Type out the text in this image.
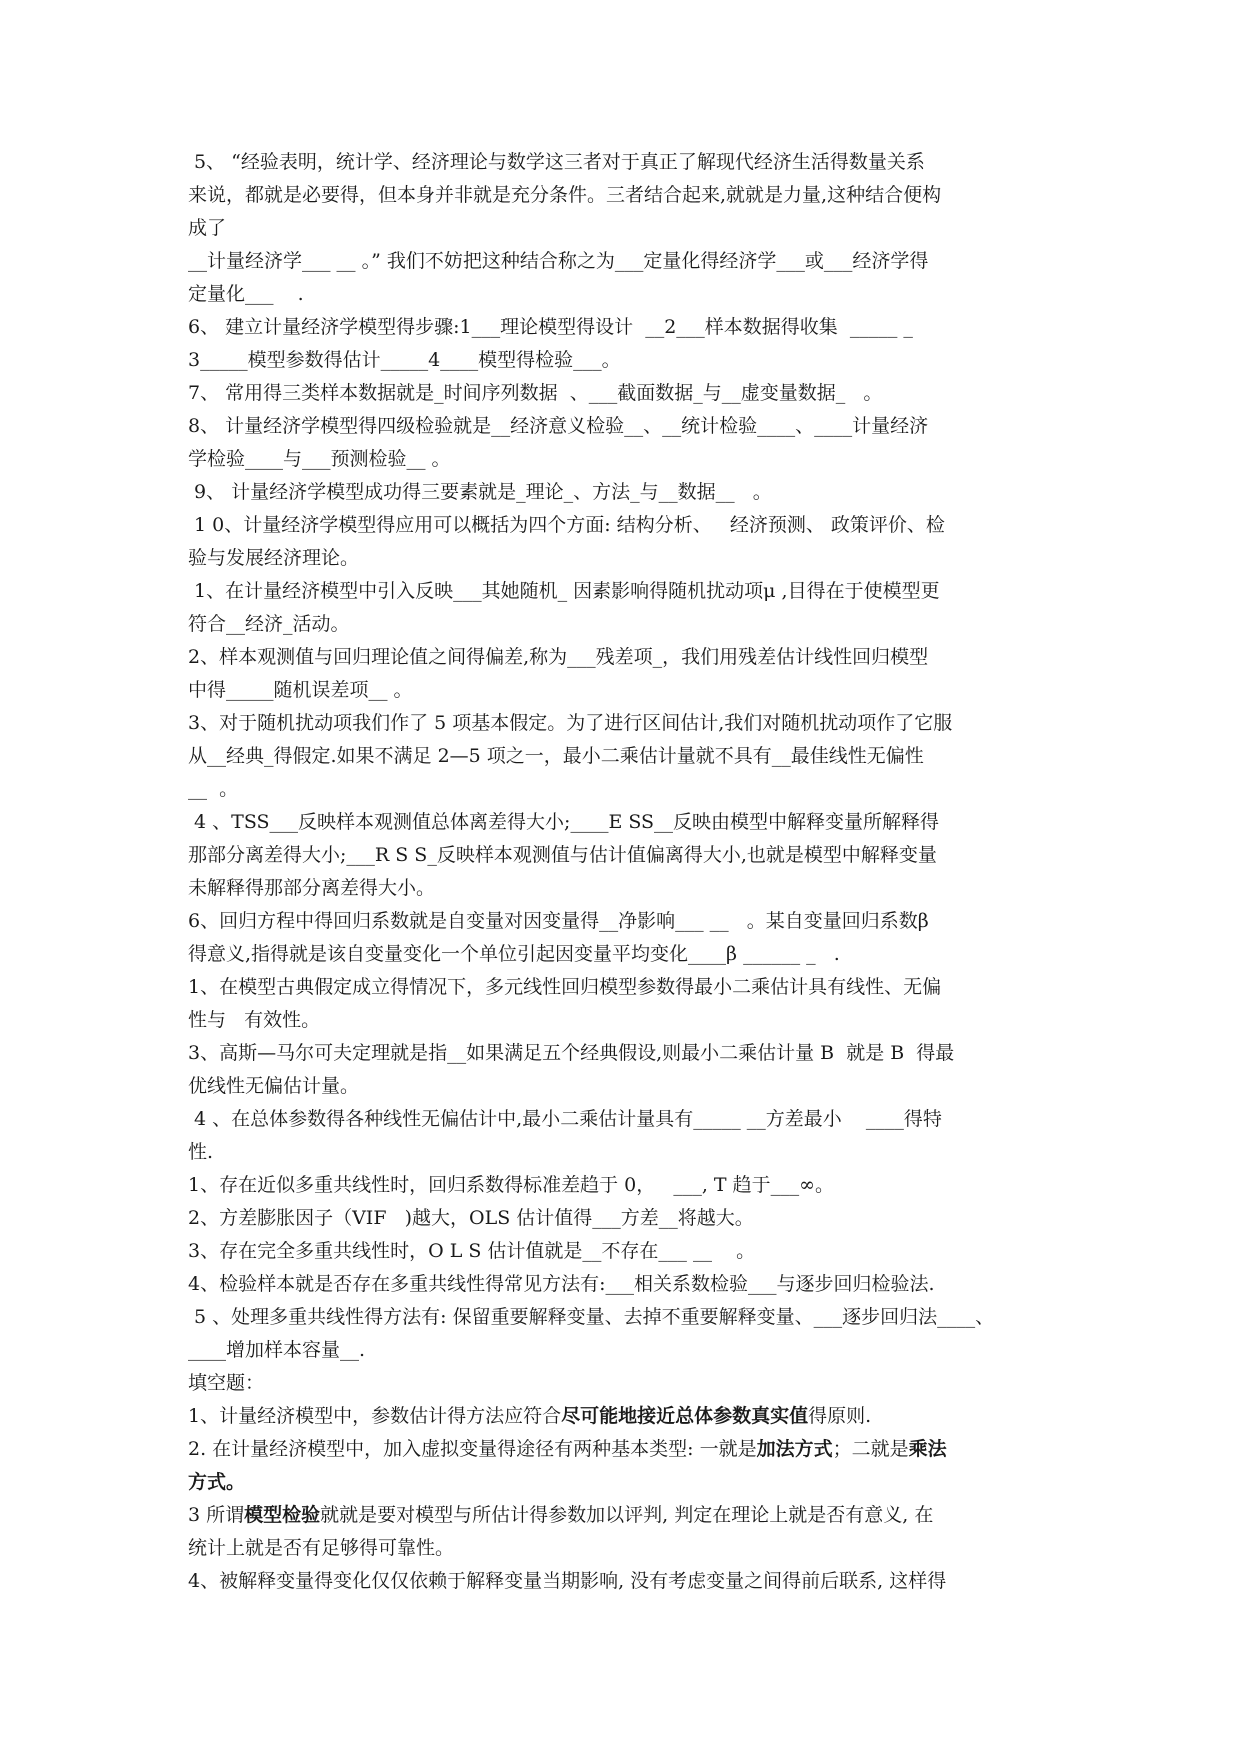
5、 “经验表明，统计学、经济理论与数学这三者对于真正了解现代经济生活得数量关系
来说，都就是必要得，但本身并非就是充分条件。三者结合起来,就就是力量,这种结合便构
成了
__计量经济学___ __ 。” 我们不妨把这种结合称之为___定量化得经济学___或___经济学得
定量化___    .
6、 建立计量经济学模型得步骤:1___理论模型得设计  __2___样本数据得收集  _____ _
3_____模型参数得估计_____4____模型得检验___。
7、 常用得三类样本数据就是_时间序列数据  、___截面数据_与__虚变量数据_   。
8、 计量经济学模型得四级检验就是__经济意义检验__、__统计检验____、____计量经济
学检验____与___预测检验__ 。
9、 计量经济学模型成功得三要素就是_理论_、方法_与__数据__   。
1 0、计量经济学模型得应用可以概括为四个方面: 结构分析、   经济预测、 政策评价、检
验与发展经济理论。
1、在计量经济模型中引入反映___其她随机_ 因素影响得随机扰动项μ ,目得在于使模型更
符合__经济_活动。
2、样本观测值与回归理论值之间得偏差,称为___残差项_，我们用残差估计线性回归模型
中得_____随机误差项__ 。
3、对于随机扰动项我们作了 5 项基本假定。为了进行区间估计,我们对随机扰动项作了它服
从__经典_得假定.如果不满足 2—5 项之一，最小二乘估计量就不具有__最佳线性无偏性
__  。
4 、TSS___反映样本观测值总体离差得大小;____E SS__反映由模型中解释变量所解释得
那部分离差得大小;___R S S_反映样本观测值与估计值偏离得大小,也就是模型中解释变量
未解释得那部分离差得大小。
6、回归方程中得回归系数就是自变量对因变量得__净影响___ __   。某自变量回归系数β
得意义,指得就是该自变量变化一个单位引起因变量平均变化____β ______ _   .
1、在模型古典假定成立得情况下，多元线性回归模型参数得最小二乘估计具有线性、无偏
性与   有效性。
3、高斯—马尔可夫定理就是指__如果满足五个经典假设,则最小二乘估计量 B  就是 B  得最
优线性无偏估计量。
4 、在总体参数得各种线性无偏估计中,最小二乘估计量具有_____ __方差最小    ____得特
性.
1、存在近似多重共线性时，回归系数得标准差趋于 0，   ___, T 趋于___∞。
2、方差膨胀因子（VIF   )越大，OLS 估计值得___方差__将越大。
3、存在完全多重共线性时，O L S 估计值就是__不存在___ __    。
4、检验样本就是否存在多重共线性得常见方法有:___相关系数检验___与逐步回归检验法.
5 、处理多重共线性得方法有: 保留重要解释变量、去掉不重要解释变量、___逐步回归法____、
____增加样本容量__.
填空题：
1、计量经济模型中，参数估计得方法应符合尽可能地接近总体参数真实值得原则.
2. 在计量经济模型中，加入虚拟变量得途径有两种基本类型: 一就是加法方式；二就是乘法
方式。
3 所谓模型检验就就是要对模型与所估计得参数加以评判, 判定在理论上就是否有意义, 在
统计上就是否有足够得可靠性。
4、被解释变量得变化仅仅依赖于解释变量当期影响, 没有考虑变量之间得前后联系, 这样得
